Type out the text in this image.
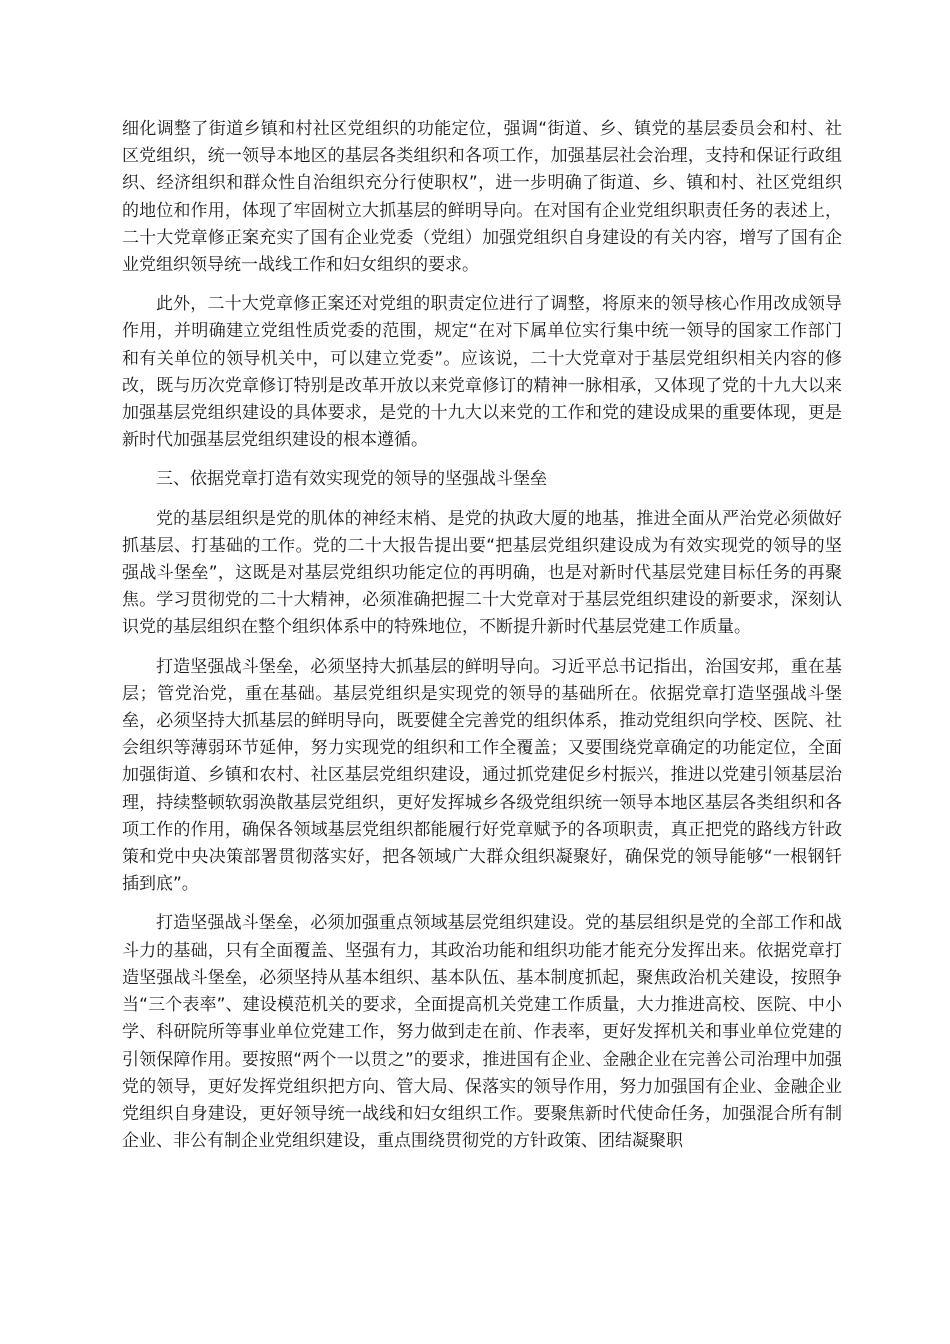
细化调整了街道乡镇和村社区党组织的功能定位，强调“街道、乡、镇党的基层委员会和村、社区党组织，统一领导本地区的基层各类组织和各项工作，加强基层社会治理，支持和保证行政组织、经济组织和群众性自治组织充分行使职权”，进一步明确了街道、乡、镇和村、社区党组织的地位和作用，体现了牢固树立大抓基层的鲜明导向。在对国有企业党组织职责任务的表述上，二十大党章修正案充实了国有企业党委（党组）加强党组织自身建设的有关内容，增写了国有企业党组织领导统一战线工作和妇女组织的要求。

此外，二十大党章修正案还对党组的职责定位进行了调整，将原来的领导核心作用改成领导作用，并明确建立党组性质党委的范围，规定“在对下属单位实行集中统一领导的国家工作部门和有关单位的领导机关中，可以建立党委”。应该说，二十大党章对于基层党组织相关内容的修改，既与历次党章修订特别是改革开放以来党章修订的精神一脉相承，又体现了党的十九大以来加强基层党组织建设的具体要求，是党的十九大以来党的工作和党的建设成果的重要体现，更是新时代加强基层党组织建设的根本遵循。

三、依据党章打造有效实现党的领导的坚强战斗堡垒

党的基层组织是党的肌体的神经末梢、是党的执政大厦的地基，推进全面从严治党必须做好抓基层、打基础的工作。党的二十大报告提出要“把基层党组织建设成为有效实现党的领导的坚强战斗堡垒”，这既是对基层党组织功能定位的再明确，也是对新时代基层党建目标任务的再聚焦。学习贯彻党的二十大精神，必须准确把握二十大党章对于基层党组织建设的新要求，深刻认识党的基层组织在整个组织体系中的特殊地位，不断提升新时代基层党建工作质量。

打造坚强战斗堡垒，必须坚持大抓基层的鲜明导向。习近平总书记指出，治国安邦，重在基层；管党治党，重在基础。基层党组织是实现党的领导的基础所在。依据党章打造坚强战斗堡垒，必须坚持大抓基层的鲜明导向，既要健全完善党的组织体系，推动党组织向学校、医院、社会组织等薄弱环节延伸，努力实现党的组织和工作全覆盖；又要围绕党章确定的功能定位，全面加强街道、乡镇和农村、社区基层党组织建设，通过抓党建促乡村振兴，推进以党建引领基层治理，持续整顿软弱涣散基层党组织，更好发挥城乡各级党组织统一领导本地区基层各类组织和各项工作的作用，确保各领域基层党组织都能履行好党章赋予的各项职责，真正把党的路线方针政策和党中央决策部署贯彻落实好，把各领域广大群众组织凝聚好，确保党的领导能够“一根钢钎插到底”。

打造坚强战斗堡垒，必须加强重点领域基层党组织建设。党的基层组织是党的全部工作和战斗力的基础，只有全面覆盖、坚强有力，其政治功能和组织功能才能充分发挥出来。依据党章打造坚强战斗堡垒，必须坚持从基本组织、基本队伍、基本制度抓起，聚焦政治机关建设，按照争当“三个表率”、建设模范机关的要求，全面提高机关党建工作质量，大力推进高校、医院、中小学、科研院所等事业单位党建工作，努力做到走在前、作表率，更好发挥机关和事业单位党建的引领保障作用。要按照“两个一以贯之”的要求，推进国有企业、金融企业在完善公司治理中加强党的领导，更好发挥党组织把方向、管大局、保落实的领导作用，努力加强国有企业、金融企业党组织自身建设，更好领导统一战线和妇女组织工作。要聚焦新时代使命任务，加强混合所有制企业、非公有制企业党组织建设，重点围绕贯彻党的方针政策、团结凝聚职
